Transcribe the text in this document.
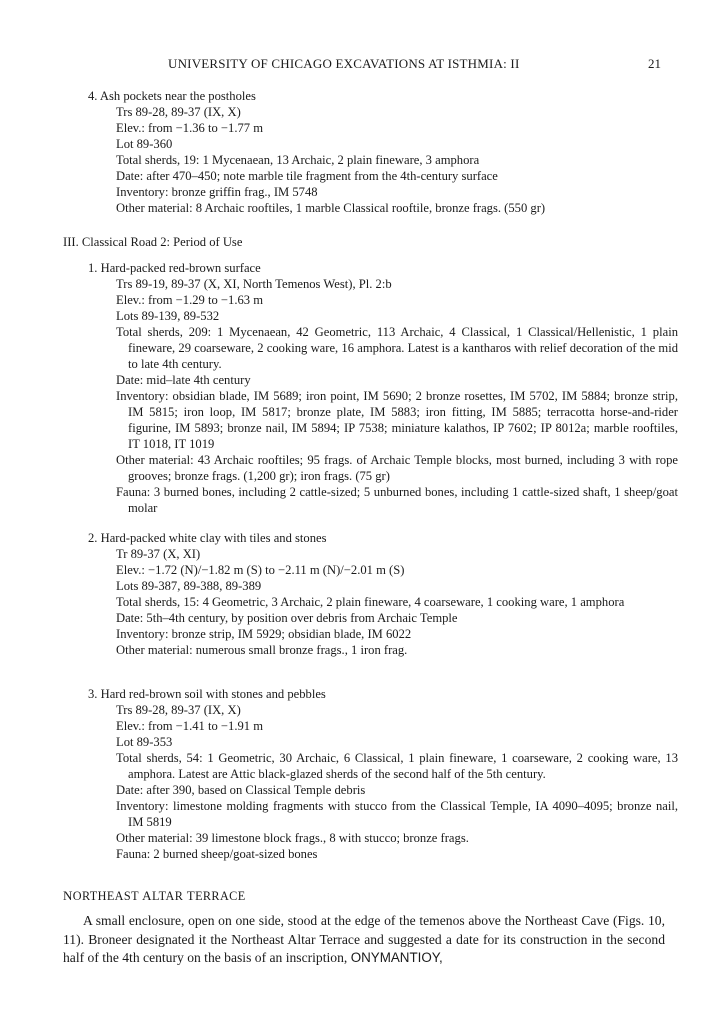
UNIVERSITY OF CHICAGO EXCAVATIONS AT ISTHMIA: II	21

4. Ash pockets near the postholes

Trs 89-28, 89-37 (IX, X)

Elev.: from −1.36 to −1.77 m

Lot 89-360

Total sherds, 19: 1 Mycenaean, 13 Archaic, 2 plain fineware, 3 amphora

Date: after 470–450; note marble tile fragment from the 4th-century surface

Inventory: bronze griffin frag., IM 5748

Other material: 8 Archaic rooftiles, 1 marble Classical rooftile, bronze frags. (550 gr)

III. Classical Road 2: Period of Use

1. Hard-packed red-brown surface

Trs 89-19, 89-37 (X, XI, North Temenos West), Pl. 2:b

Elev.: from −1.29 to −1.63 m

Lots 89-139, 89-532

Total sherds, 209: 1 Mycenaean, 42 Geometric, 113 Archaic, 4 Classical, 1 Classical/Hellenistic, 1 plain fineware, 29 coarseware, 2 cooking ware, 16 amphora. Latest is a kantharos with relief decoration of the mid to late 4th century.

Date: mid–late 4th century

Inventory: obsidian blade, IM 5689; iron point, IM 5690; 2 bronze rosettes, IM 5702, IM 5884; bronze strip, IM 5815; iron loop, IM 5817; bronze plate, IM 5883; iron fitting, IM 5885; terracotta horse-and-rider figurine, IM 5893; bronze nail, IM 5894; IP 7538; miniature kalathos, IP 7602; IP 8012a; marble rooftiles, IT 1018, IT 1019

Other material: 43 Archaic rooftiles; 95 frags. of Archaic Temple blocks, most burned, including 3 with rope grooves; bronze frags. (1,200 gr); iron frags. (75 gr)

Fauna: 3 burned bones, including 2 cattle-sized; 5 unburned bones, including 1 cattle-sized shaft, 1 sheep/goat molar

2. Hard-packed white clay with tiles and stones

Tr 89-37 (X, XI)

Elev.: −1.72 (N)/−1.82 m (S) to −2.11 m (N)/−2.01 m (S)

Lots 89-387, 89-388, 89-389

Total sherds, 15: 4 Geometric, 3 Archaic, 2 plain fineware, 4 coarseware, 1 cooking ware, 1 amphora

Date: 5th–4th century, by position over debris from Archaic Temple

Inventory: bronze strip, IM 5929; obsidian blade, IM 6022

Other material: numerous small bronze frags., 1 iron frag.

3. Hard red-brown soil with stones and pebbles

Trs 89-28, 89-37 (IX, X)

Elev.: from −1.41 to −1.91 m

Lot 89-353

Total sherds, 54: 1 Geometric, 30 Archaic, 6 Classical, 1 plain fineware, 1 coarseware, 2 cooking ware, 13 amphora. Latest are Attic black-glazed sherds of the second half of the 5th century.

Date: after 390, based on Classical Temple debris

Inventory: limestone molding fragments with stucco from the Classical Temple, IA 4090–4095; bronze nail, IM 5819

Other material: 39 limestone block frags., 8 with stucco; bronze frags.

Fauna: 2 burned sheep/goat-sized bones

NORTHEAST ALTAR TERRACE

A small enclosure, open on one side, stood at the edge of the temenos above the Northeast Cave (Figs. 10, 11). Broneer designated it the Northeast Altar Terrace and suggested a date for its construction in the second half of the 4th century on the basis of an inscription, ONYMANTIOY,
